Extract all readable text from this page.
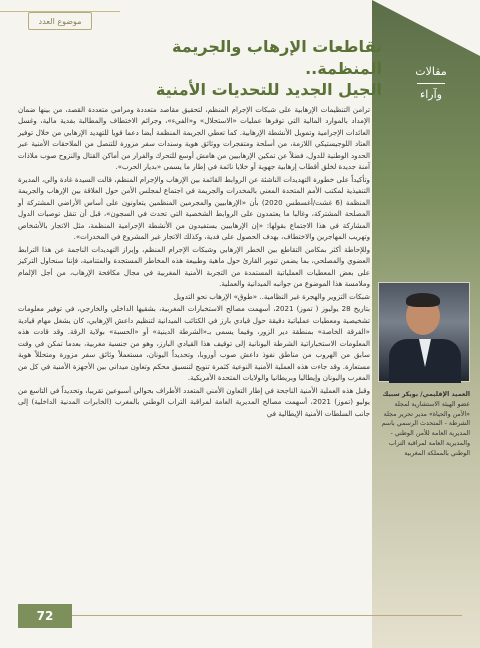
موضوع العدد
مقالات
وآراء
تقاطعات الإرهاب والجريمة المنظمة..
الجيل الجديد للتحديات الأمنية

ترامن التنظيمات الإرهابية على شبكات الإجرام المنظم، لتحقيق مقاصد متعددة ومرامي متعددة القصد، من بينها ضمان الإمداد بالموارد المالية التي توفرها عمليات «الاستحلال» و«الفيء»، وجرائم الاختطاف والمطالبة بفدية مالية، وغسل العائدات الإجرامية وتمويل الأنشطة الإرهابية. كما تعطي الجريمة المنظمة أيضا دعما قويا للتهديد الإرهابي من خلال توفير العتاد اللوجيستيكي اللازمة، من أسلحة ومتفجرات ووثائق هوية وسندات سفر مزورة للتنصل من الملاحقات الأمنية عبر الحدود الوطنية للدول، فضلاً عن تمكين الإرهابيين من هامش أوسع للتحرك والفرار من أماكن القتال والنزوح صوب ملاذات آمنة جديدة لخلق أقطاب إرهابية جهوية أو خلايا نائمة في إطار ما يسمى «بديار الحرب».

وتأكيداً على خطورة التهديدات الناشئة عن الروابط القائمة بين الإرهاب والإجرام المنظم، قالت السيدة غادة والي، المديرة التنفيذية لمكتب الأمم المتحدة المعني بالمخدرات والجريمة في اجتماع لمجلس الأمن حول العلاقة بين الإرهاب والجريمة المنظمة (6 غشت/أغسطس 2020) بأن «الإرهابيين والمجرمين المنظمين يتعاونون على أساس الأراضي المشتركة أو المصلحة المشتركة، وغالبا ما يعتمدون على الروابط الشخصية التي تحدث في السجون»، قبل أن تنقل توصيات الدول المشاركة في هذا الاجتماع بقولها: «إن الإرهابيين يستفيدون من الأنشطة الإجرامية المنظمة، مثل الاتجار بالأشخاص وتهريب المهاجرين والاختطاف، بهدف الحصول على فدية، وكذلك الاتجار غير المشروع في المخدرات».

وللإحاطة أكثر بمكامن التقاطع بين الخطر الإرهابي وشبكات الإجرام المنظم، وإبراز التهديدات الناجمة عن هذا الترابط العضوي والمصلحي، بما يضمن تنوير القارئ حول ماهية وطبيعة هذه المخاطر المستجدة والمتنامية، فإننا سنحاول التركيز على بعض المعطيات العملياتية المستمدة من التجربة الأمنية المغربية في مجال مكافحة الإرهاب، من أجل الإلمام وملامسة هذا الموضوع من جوانبه الميدانية والعملية.

شبكات التزوير والهجرة غير النظامية.. «طوق» الإرهاب نحو التدويل

بتاريخ 28 يوليوز ( تموز) 2021، أسهمت مصالح الاستخبارات المغربية، بشقيها الداخلي والخارجي، في توفير معلومات تشخيصية ومعطيات عملياتية دقيقة حول قيادي بارز في الكتائب الميدانية لتنظيم داعش الإرهابي، كان يشغل مهام قيادية «الفرقة الخاصة» بمنطقة دير الزور، وفيما يسمى بـ«الشرطة الدينية» أو «الحسبة» بولاية الرقة. وقد قادت هذه المعلومات الاستخباراتية الشرطة اليونانية إلى توقيف هذا القيادي البارز، وهو من جنسية مغربية، بعدما تمكن في وقت سابق من الهروب من مناطق نفوذ داعش صوب أوروبا، وتحديداً اليونان، مستعملاً وثائق سفر مزورة ومتحللاً هوية مستعارة. وقد جاءت هذه العملية الأمنية النوعية كثمرة تنويج لتنسيق محكم وتعاون ميداني بين الأجهزة الأمنية في كل من المغرب واليونان وإيطاليا وبريطانيا والولايات المتحدة الأمريكية.

وقبل هذه العملية الأمنية الناجحة في إطار التعاون الأمني المتعدد الأطراف بحوالي أسبوعين تقريبا، وتحديداً في التاسع من يوليو (تموز) 2021، أسهمت مصالح المديرية العامة لمراقبة التراب الوطني بالمغرب (الخابرات المدنية الداخلية) إلى جانب السلطات الأمنية الإيطالية في

العميد الإقليمي/ بوبكر سبيك
عضو الهيئة الاستشارية لمجلة «الأمن والحياة» مدير تحرير مجلة الشرطة - المتحدث الرسمي باسم المديرية العامة للأمن الوطني - والمديرية العامة لمراقبة التراب الوطني بالمملكة المغربية
72
